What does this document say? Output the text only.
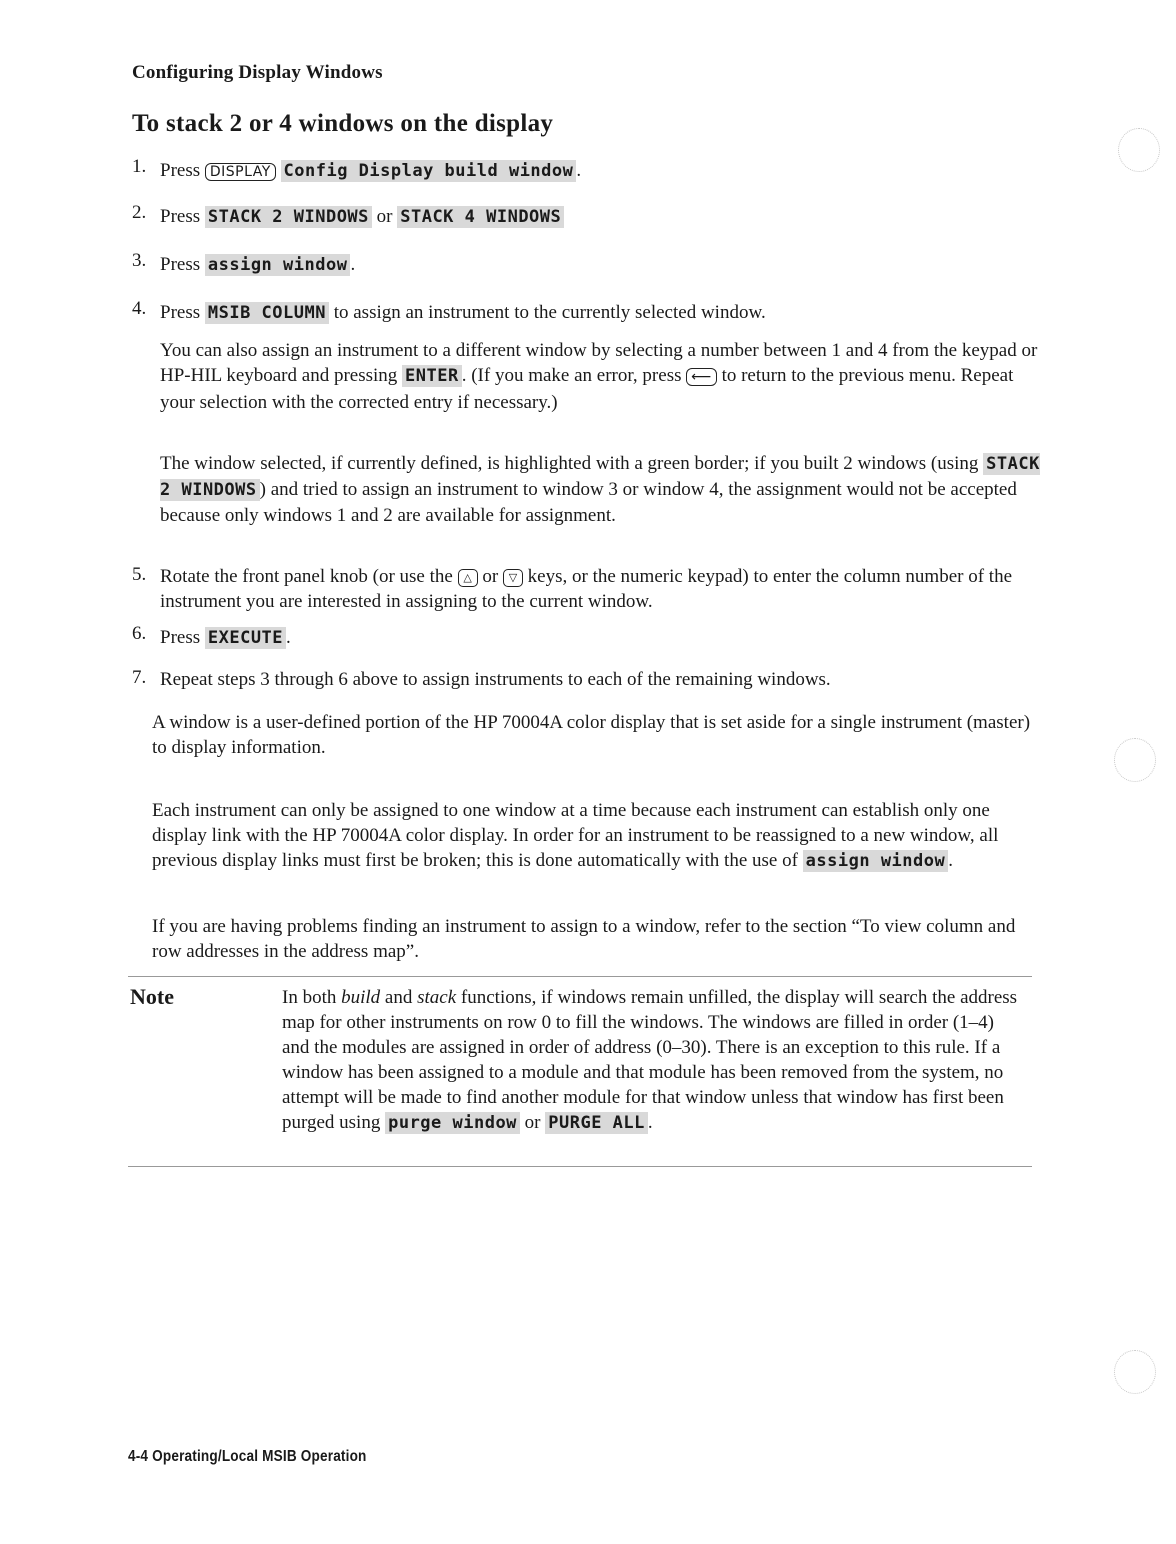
Configuring Display Windows
To stack 2 or 4 windows on the display
1. Press DISPLAY Config Display build window .
2. Press STACK 2 WINDOWS or STACK 4 WINDOWS
3. Press assign window .
4. Press MSIB COLUMN to assign an instrument to the currently selected window.
You can also assign an instrument to a different window by selecting a number between 1 and 4 from the keypad or HP-HIL keyboard and pressing ENTER . (If you make an error, press ⟵ to return to the previous menu. Repeat your selection with the corrected entry if necessary.)
The window selected, if currently defined, is highlighted with a green border; if you built 2 windows (using STACK 2 WINDOWS ) and tried to assign an instrument to window 3 or window 4, the assignment would not be accepted because only windows 1 and 2 are available for assignment.
5. Rotate the front panel knob (or use the △ or ▽ keys, or the numeric keypad) to enter the column number of the instrument you are interested in assigning to the current window.
6. Press EXECUTE .
7. Repeat steps 3 through 6 above to assign instruments to each of the remaining windows.
A window is a user-defined portion of the HP 70004A color display that is set aside for a single instrument (master) to display information.
Each instrument can only be assigned to one window at a time because each instrument can establish only one display link with the HP 70004A color display. In order for an instrument to be reassigned to a new window, all previous display links must first be broken; this is done automatically with the use of assign window .
If you are having problems finding an instrument to assign to a window, refer to the section “To view column and row addresses in the address map”.
Note	In both build and stack functions, if windows remain unfilled, the display will search the address map for other instruments on row 0 to fill the windows. The windows are filled in order (1–4) and the modules are assigned in order of address (0–30). There is an exception to this rule. If a window has been assigned to a module and that module has been removed from the system, no attempt will be made to find another module for that window unless that window has first been purged using purge window or PURGE ALL .
4-4 Operating/Local MSIB Operation
